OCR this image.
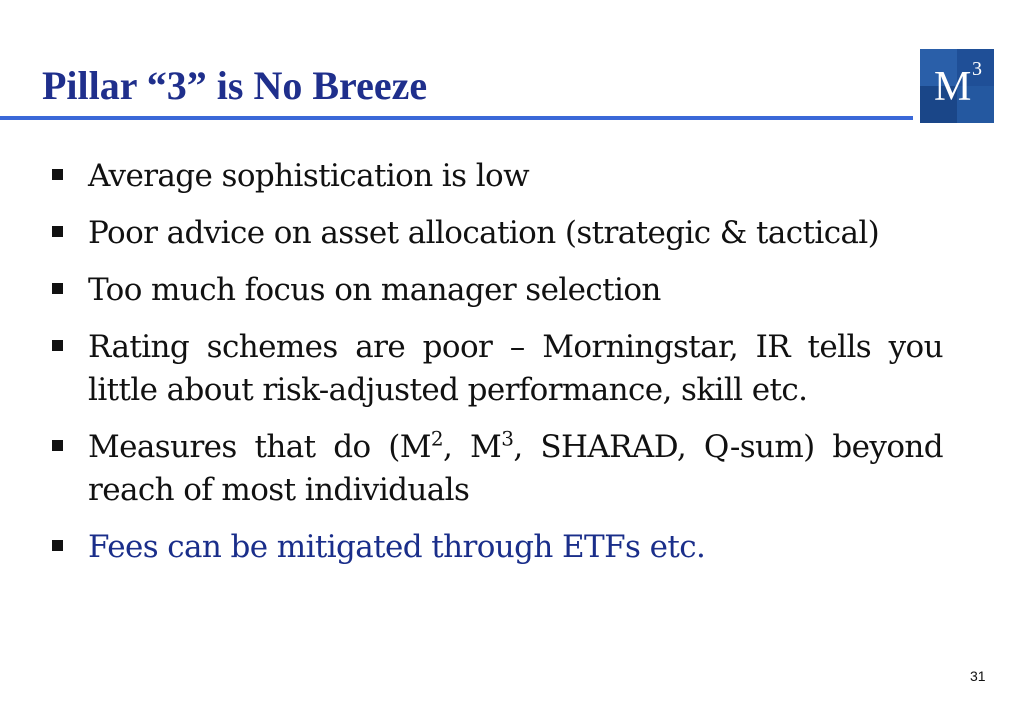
Pillar “3” is No Breeze	M 3
Average sophistication is low
Poor advice on asset allocation (strategic & tactical)
Too much focus on manager selection
Rating schemes are poor – Morningstar, IR tells you little about risk-adjusted performance, skill etc.
Measures that do ($M^2$, $M^3$, SHARAD, Q-sum) beyond reach of most individuals
Fees can be mitigated through ETFs etc.
31
